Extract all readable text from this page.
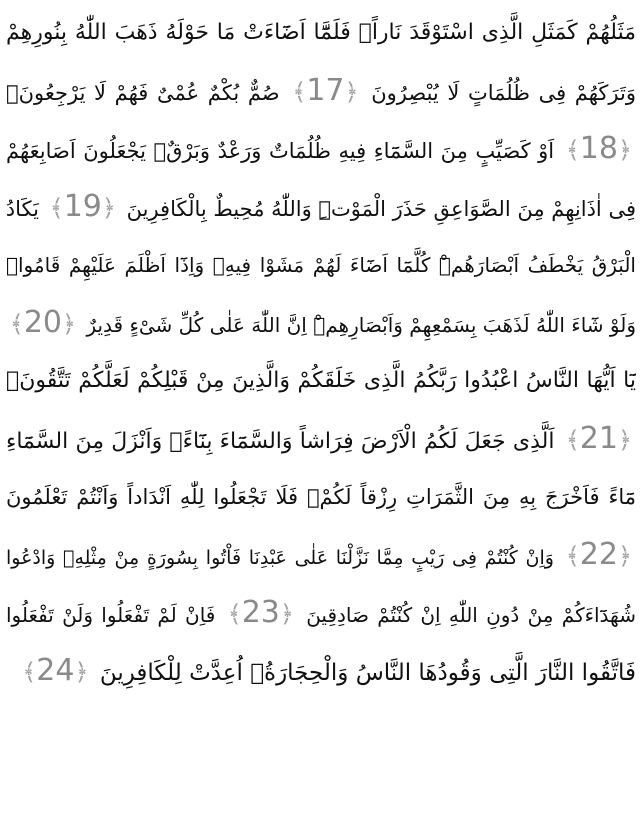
مَثَلُهُمْ كَمَثَلِ الَّذِى اسْتَوْقَدَ نَاراًۚ فَلَمَّٓا اَضَٓاءَتْ مَا حَوْلَهُ ذَهَبَ اللّٰهُ بِنُورِهِمْ
وَتَرَكَهُمْ فِى ظُلُمَاتٍ لَا يُبْصِرُونَ ﴾17﴿ صُمٌّ بُكْمٌ عُمْىٌ فَهُمْ لَا يَرْجِعُونَۙ
﴾18﴿ اَوْ كَصَيِّبٍ مِنَ السَّمَٓاءِ فِيهِ ظُلُمَاتٌ وَرَعْدٌ وَبَرْقٌۚ يَجْعَلُونَ اَصَابِعَهُمْ
فِى اٰذَانِهِمْ مِنَ الصَّوَاعِقِ حَذَرَ الْمَوْتِۜ وَاللّٰهُ مُحِيطٌ بِالْكَافِرِينَ ﴾19﴿ يَكَادُ
الْبَرْقُ يَخْطَفُ اَبْصَارَهُمْۜ كُلَّمَٓا اَضَٓاءَ لَهُمْ مَشَوْا فِيهِۙ وَاِذَٓا اَظْلَمَ عَلَيْهِمْ قَامُواۜ
وَلَوْ شَٓاءَ اللّٰهُ لَذَهَبَ بِسَمْعِهِمْ وَاَبْصَارِهِمْۜ اِنَّ اللّٰهَ عَلٰى كُلِّ شَیْءٍ قَدِيرٌ ﴾20﴿
يَٓا اَيُّهَا النَّاسُ اعْبُدُوا رَبَّكُمُ الَّذِى خَلَقَكُمْ وَالَّذِينَ مِنْ قَبْلِكُمْ لَعَلَّكُمْ تَتَّقُونَۙ
﴾21﴿ اَلَّذِى جَعَلَ لَكُمُ الْاَرْضَ فِرَاشاً وَالسَّمَٓاءَ بِنَٓاءًۖ وَاَنْزَلَ مِنَ السَّمَٓاءِ
مَٓاءً فَاَخْرَجَ بِهِ مِنَ الثَّمَرَاتِ رِزْقاً لَكُمْۚ فَلَا تَجْعَلُوا لِلّٰهِ اَنْدَاداً وَاَنْتُمْ تَعْلَمُونَ
﴾22﴿ وَاِنْ كُنْتُمْ فِى رَيْبٍ مِمَّا نَزَّلْنَا عَلٰى عَبْدِنَا فَاْتُوا بِسُورَةٍ مِنْ مِثْلِهِۖ وَادْعُوا
شُهَدَٓاءَكُمْ مِنْ دُونِ اللّٰهِ اِنْ كُنْتُمْ صَادِقِينَ ﴾23﴿ فَاِنْ لَمْ تَفْعَلُوا وَلَنْ تَفْعَلُوا
فَاتَّقُوا النَّارَ الَّتِى وَقُودُهَا النَّاسُ وَالْحِجَارَةُۚ اُعِدَّتْ لِلْكَافِرِينَ ﴾24﴿
